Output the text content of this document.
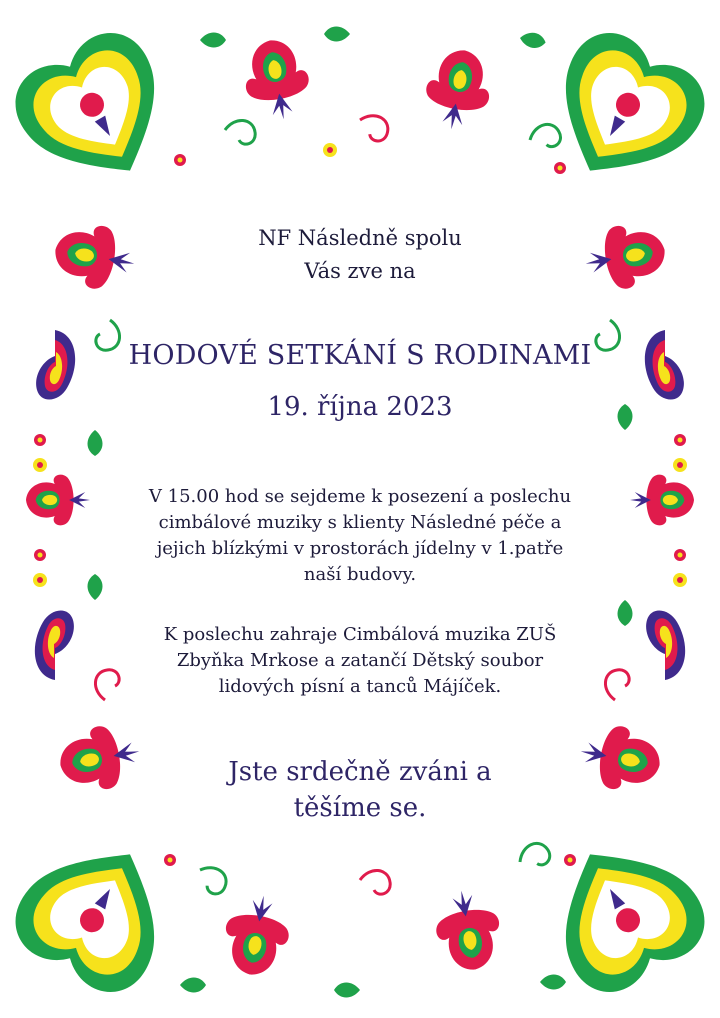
NF Následně spolu
Vás zve na
HODOVÉ SETKÁNÍ S RODINAMI
19. října 2023
V 15.00 hod se sejdeme k posezení a poslechu
cimbálové muziky s klienty Následné péče a
jejich blízkými v prostorách jídelny v 1.patře
naší budovy.
K poslechu zahraje Cimbálová muzika ZUŠ
Zbyňka Mrkose a zatančí Dětský soubor
lidových písní a tanců Májíček.
Jste srdečně zváni a
těšíme se.
